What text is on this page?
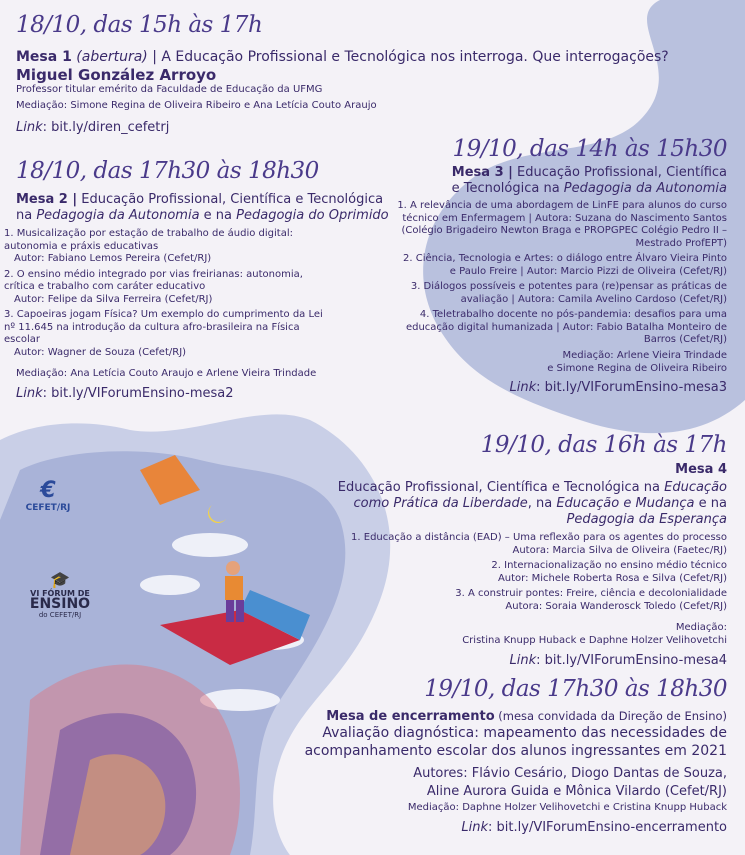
18/10, das 15h às 17h
Mesa 1 (abertura) | A Educação Profissional e Tecnológica nos interroga. Que interrogações?
Miguel González Arroyo
Professor titular emérito da Faculdade de Educação da UFMG
Mediação: Simone Regina de Oliveira Ribeiro e Ana Letícia Couto Araujo
Link: bit.ly/diren_cefetrj
18/10, das 17h30 às 18h30
Mesa 2 | Educação Profissional, Científica e Tecnológica
na Pedagogia da Autonomia e na Pedagogia do Oprimido
1. Musicalização por estação de trabalho de áudio digital: autonomia e práxis educativas
Autor: Fabiano Lemos Pereira (Cefet/RJ)
2. O ensino médio integrado por vias freirianas: autonomia, crítica e trabalho com caráter educativo
Autor: Felipe da Silva Ferreira (Cefet/RJ)
3. Capoeiras jogam Física? Um exemplo do cumprimento da Lei nº 11.645 na introdução da cultura afro-brasileira na Física escolar
Autor: Wagner de Souza (Cefet/RJ)
Mediação: Ana Letícia Couto Araujo e Arlene Vieira Trindade
Link: bit.ly/VIForumEnsino-mesa2
19/10, das 14h às 15h30
Mesa 3 | Educação Profissional, Científica
e Tecnológica na Pedagogia da Autonomia
1. A relevância de uma abordagem de LinFE para alunos do curso técnico em Enfermagem | Autora: Suzana do Nascimento Santos (Colégio Brigadeiro Newton Braga e PROPGPEC Colégio Pedro II – Mestrado ProfEPT)
2. Ciência, Tecnologia e Artes: o diálogo entre Álvaro Vieira Pinto e Paulo Freire | Autor: Marcio Pizzi de Oliveira (Cefet/RJ)
3. Diálogos possíveis e potentes para (re)pensar as práticas de avaliação | Autora: Camila Avelino Cardoso (Cefet/RJ)
4. Teletrabalho docente no pós-pandemia: desafios para uma educação digital humanizada | Autor: Fabio Batalha Monteiro de Barros (Cefet/RJ)
Mediação: Arlene Vieira Trindade
e Simone Regina de Oliveira Ribeiro
Link: bit.ly/VIForumEnsino-mesa3
19/10, das 16h às 17h
Mesa 4
Educação Profissional, Científica e Tecnológica na Educação
como Prática da Liberdade, na Educação e Mudança e na
Pedagogia da Esperança
1. Educação a distância (EAD) – Uma reflexão para os agentes do processo
Autora: Marcia Silva de Oliveira (Faetec/RJ)
2. Internacionalização no ensino médio técnico
Autor: Michele Roberta Rosa e Silva (Cefet/RJ)
3. A construir pontes: Freire, ciência e decolonialidade
Autora: Soraia Wanderosck Toledo (Cefet/RJ)
Mediação:
Cristina Knupp Huback e Daphne Holzer Velihovetchi
Link: bit.ly/VIForumEnsino-mesa4
19/10, das 17h30 às 18h30
Mesa de encerramento (mesa convidada da Direção de Ensino)
Avaliação diagnóstica: mapeamento das necessidades de
acompanhamento escolar dos alunos ingressantes em 2021
Autores: Flávio Cesário, Diogo Dantas de Souza,
Aline Aurora Guida e Mônica Vilardo (Cefet/RJ)
Mediação: Daphne Holzer Velihovetchi e Cristina Knupp Huback
Link: bit.ly/VIForumEnsino-encerramento
€
CEFET/RJ
🎓
VI FÓRUM DE
ENSINO
do CEFET/RJ
